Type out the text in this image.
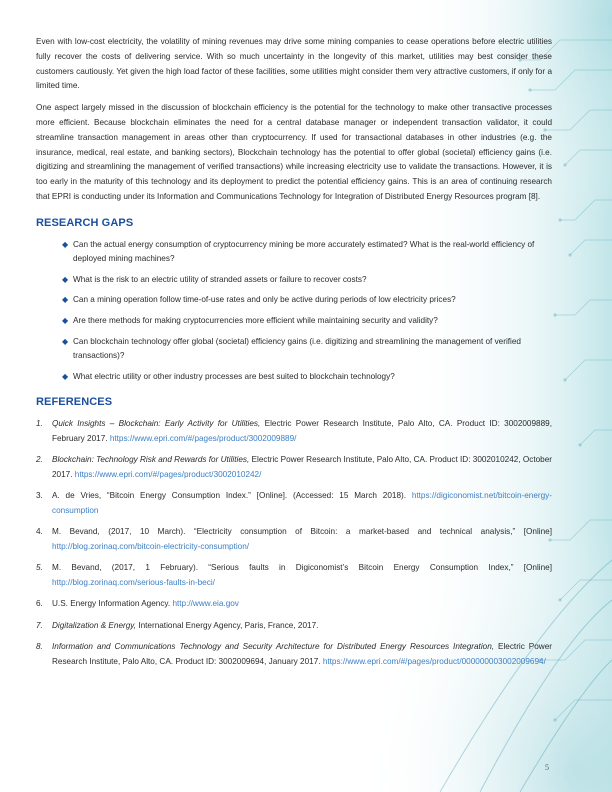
Even with low-cost electricity, the volatility of mining revenues may drive some mining companies to cease operations before electric utilities fully recover the costs of delivering service. With so much uncertainty in the longevity of this market, utilities may best consider these customers cautiously. Yet given the high load factor of these facilities, some utilities might consider them very attractive customers, if only for a limited time.

One aspect largely missed in the discussion of blockchain efficiency is the potential for the technology to make other transactive processes more efficient. Because blockchain eliminates the need for a central database manager or independent transaction validator, it could streamline transaction management in areas other than cryptocurrency. If used for transactional databases in other industries (e.g. the insurance, medical, real estate, and banking sectors), Blockchain technology has the potential to offer global (societal) efficiency gains (i.e. digitizing and streamlining the management of verified transactions) while increasing electricity use to validate the transactions. However, it is too early in the maturity of this technology and its deployment to predict the potential efficiency gains. This is an area of continuing research that EPRI is conducting under its Information and Communications Technology for Integration of Distributed Energy Resources program [8].

RESEARCH GAPS
◆ Can the actual energy consumption of cryptocurrency mining be more accurately estimated? What is the real-world efficiency of deployed mining machines?
◆ What is the risk to an electric utility of stranded assets or failure to recover costs?
◆ Can a mining operation follow time-of-use rates and only be active during periods of low electricity prices?
◆ Are there methods for making cryptocurrencies more efficient while maintaining security and validity?
◆ Can blockchain technology offer global (societal) efficiency gains (i.e. digitizing and streamlining the management of verified transactions)?
◆ What electric utility or other industry processes are best suited to blockchain technology?
REFERENCES
1. Quick Insights – Blockchain: Early Activity for Utilities, Electric Power Research Institute, Palo Alto, CA. Product ID: 3002009889, February 2017. https://www.epri.com/#/pages/product/3002009889/
2. Blockchain: Technology Risk and Rewards for Utilities, Electric Power Research Institute, Palo Alto, CA. Product ID: 3002010242, October 2017. https://www.epri.com/#/pages/product/3002010242/
3. A. de Vries, “Bitcoin Energy Consumption Index.” [Online]. (Accessed: 15 March 2018). https://digiconomist.net/bitcoin-energy-consumption
4. M. Bevand, (2017, 10 March). “Electricity consumption of Bitcoin: a market-based and technical analysis,” [Online] http://blog.zorinaq.com/bitcoin-electricity-consumption/
5. M. Bevand, (2017, 1 February). “Serious faults in Digiconomist’s Bitcoin Energy Consumption Index,” [Online] http://blog.zorinaq.com/serious-faults-in-beci/
6. U.S. Energy Information Agency. http://www.eia.gov
7. Digitalization & Energy, International Energy Agency, Paris, France, 2017.
8. Information and Communications Technology and Security Architecture for Distributed Energy Resources Integration, Electric Power Research Institute, Palo Alto, CA. Product ID: 3002009694, January 2017. https://www.epri.com/#/pages/product/000000003002009694/
5
